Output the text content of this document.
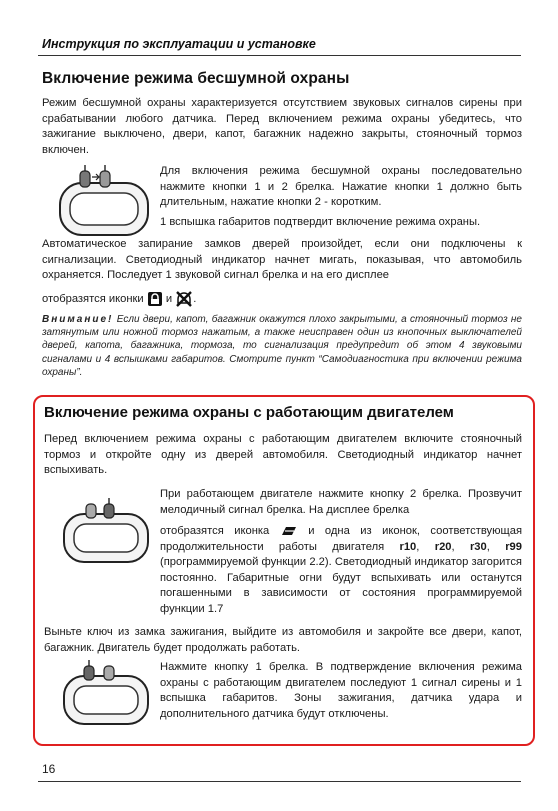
Инструкция по эксплуатации и установке
Включение режима бесшумной охраны
Режим бесшумной охраны характеризуется отсутствием звуковых сигналов сирены при срабатывании любого датчика. Перед включением режима охраны убедитесь, что зажигание выключено, двери, капот, багажник надежно закрыты, стояночный тормоз включен.
Для включения режима бесшумной охраны последовательно нажмите кнопки 1 и 2 брелка. Нажатие кнопки 1 должно быть длительным, нажатие кнопки 2 - коротким.
1 вспышка габаритов подтвердит включение режима охраны.
Автоматическое запирание замков дверей произойдет, если они подключены к сигнализации. Светодиодный индикатор начнет мигать, показывая, что автомобиль охраняется. Последует 1 звуковой сигнал брелка и на его дисплее
отобразятся иконки и .
Внимание! Если двери, капот, багажник окажутся плохо закрытыми, а стояночный тормоз не затянутым или ножной тормоз нажатым, а также неисправен один из кнопочных выключателей дверей, капота, багажника, тормоза, то сигнализация предупредит об этом 4 звуковыми сигналами и 4 вспышками габаритов. Смотрите пункт “Самодиагностика при включении режима охраны”.
Включение режима охраны с работающим двигателем
Перед включением режима охраны с работающим двигателем включите стояночный тормоз и откройте одну из дверей автомобиля. Светодиодный индикатор начнет вспыхивать.
При работающем двигателе нажмите кнопку 2 брелка. Прозвучит мелодичный сигнал брелка. На дисплее брелка
отобразятся иконка	и одна из иконок, соответствующая продолжительности работы двигателя r10, r20, r30, r99 (программируемой функции 2.2). Светодиодный индикатор загорится постоянно. Габаритные огни будут вспыхивать или останутся погашенными в зависимости от состояния программируемой функции 1.7
Выньте ключ из замка зажигания, выйдите из автомобиля и закройте все двери, капот, багажник. Двигатель будет продолжать работать.
Нажмите кнопку 1 брелка. В подтверждение включения режима охраны с работающим двигателем последуют 1 сигнал сирены и 1 вспышка габаритов. Зоны зажигания, датчика удара и дополнительного датчика будут отключены.
16
